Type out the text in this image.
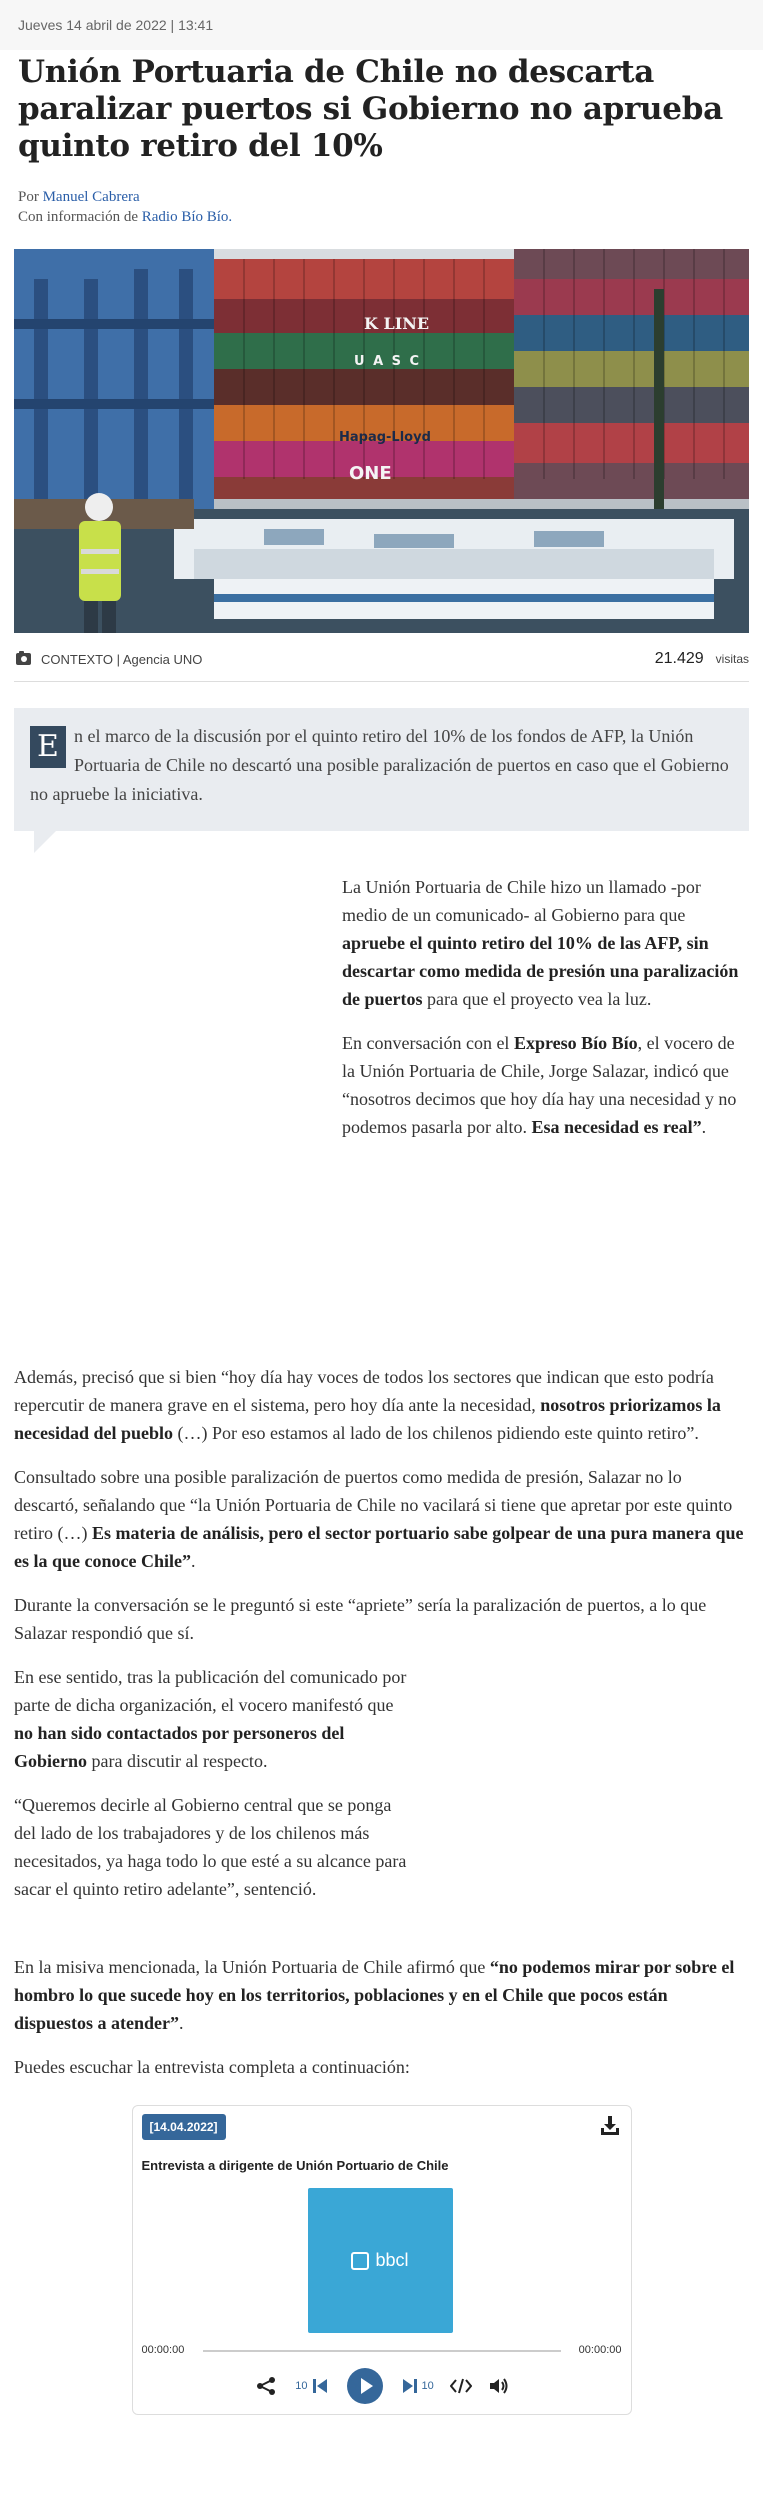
Jueves 14 abril de 2022 | 13:41
Unión Portuaria de Chile no descarta paralizar puertos si Gobierno no aprueba quinto retiro del 10%
Por Manuel Cabrera
Con información de Radio Bío Bío.
K LINE
U A S C
Hapag-Lloyd
ONE
CONTEXTO | Agencia UNO	21.429 visitas
E n el marco de la discusión por el quinto retiro del 10% de los fondos de AFP, la Unión Portuaria de Chile no descartó una posible paralización de puertos en caso que el Gobierno no apruebe la iniciativa.

La Unión Portuaria de Chile hizo un llamado -por medio de un comunicado- al Gobierno para que apruebe el quinto retiro del 10% de las AFP, sin descartar como medida de presión una paralización de puertos para que el proyecto vea la luz.

En conversación con el Expreso Bío Bío, el vocero de la Unión Portuaria de Chile, Jorge Salazar, indicó que “nosotros decimos que hoy día hay una necesidad y no podemos pasarla por alto. Esa necesidad es real”.

Además, precisó que si bien “hoy día hay voces de todos los sectores que indican que esto podría repercutir de manera grave en el sistema, pero hoy día ante la necesidad, nosotros priorizamos la necesidad del pueblo (…) Por eso estamos al lado de los chilenos pidiendo este quinto retiro”.

Consultado sobre una posible paralización de puertos como medida de presión, Salazar no lo descartó, señalando que “la Unión Portuaria de Chile no vacilará si tiene que apretar por este quinto retiro (…) Es materia de análisis, pero el sector portuario sabe golpear de una pura manera que es la que conoce Chile”.

Durante la conversación se le preguntó si este “apriete” sería la paralización de puertos, a lo que Salazar respondió que sí.

En ese sentido, tras la publicación del comunicado por parte de dicha organización, el vocero manifestó que no han sido contactados por personeros del Gobierno para discutir al respecto.

“Queremos decirle al Gobierno central que se ponga del lado de los trabajadores y de los chilenos más necesitados, ya haga todo lo que esté a su alcance para sacar el quinto retiro adelante”, sentenció.

En la misiva mencionada, la Unión Portuaria de Chile afirmó que “no podemos mirar por sobre el hombro lo que sucede hoy en los territorios, poblaciones y en el Chile que pocos están dispuestos a atender”.

Puedes escuchar la entrevista completa a continuación:

[14.04.2022]
Entrevista a dirigente de Unión Portuario de Chile
bbcl
00:00:00	00:00:00
10	10
